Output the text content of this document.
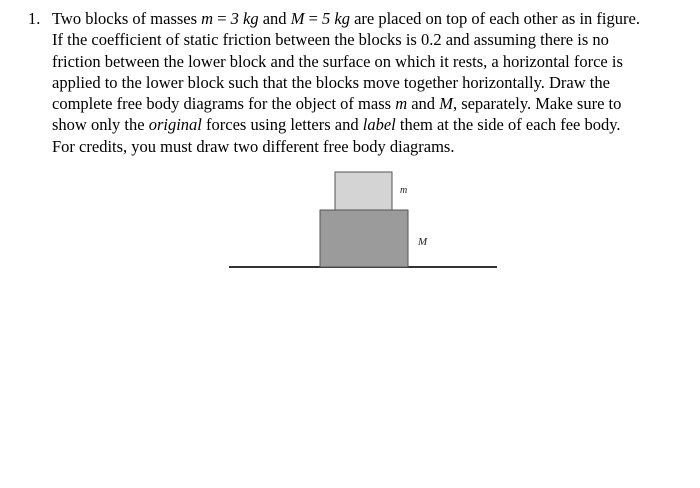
1. Two blocks of masses m = 3 kg and M = 5 kg are placed on top of each other as in figure.
If the coefficient of static friction between the blocks is 0.2 and assuming there is no
friction between the lower block and the surface on which it rests, a horizontal force is
applied to the lower block such that the blocks move together horizontally. Draw the
complete free body diagrams for the object of mass m and M, separately. Make sure to
show only the original forces using letters and label them at the side of each fee body.
For credits, you must draw two different free body diagrams.
m
M
